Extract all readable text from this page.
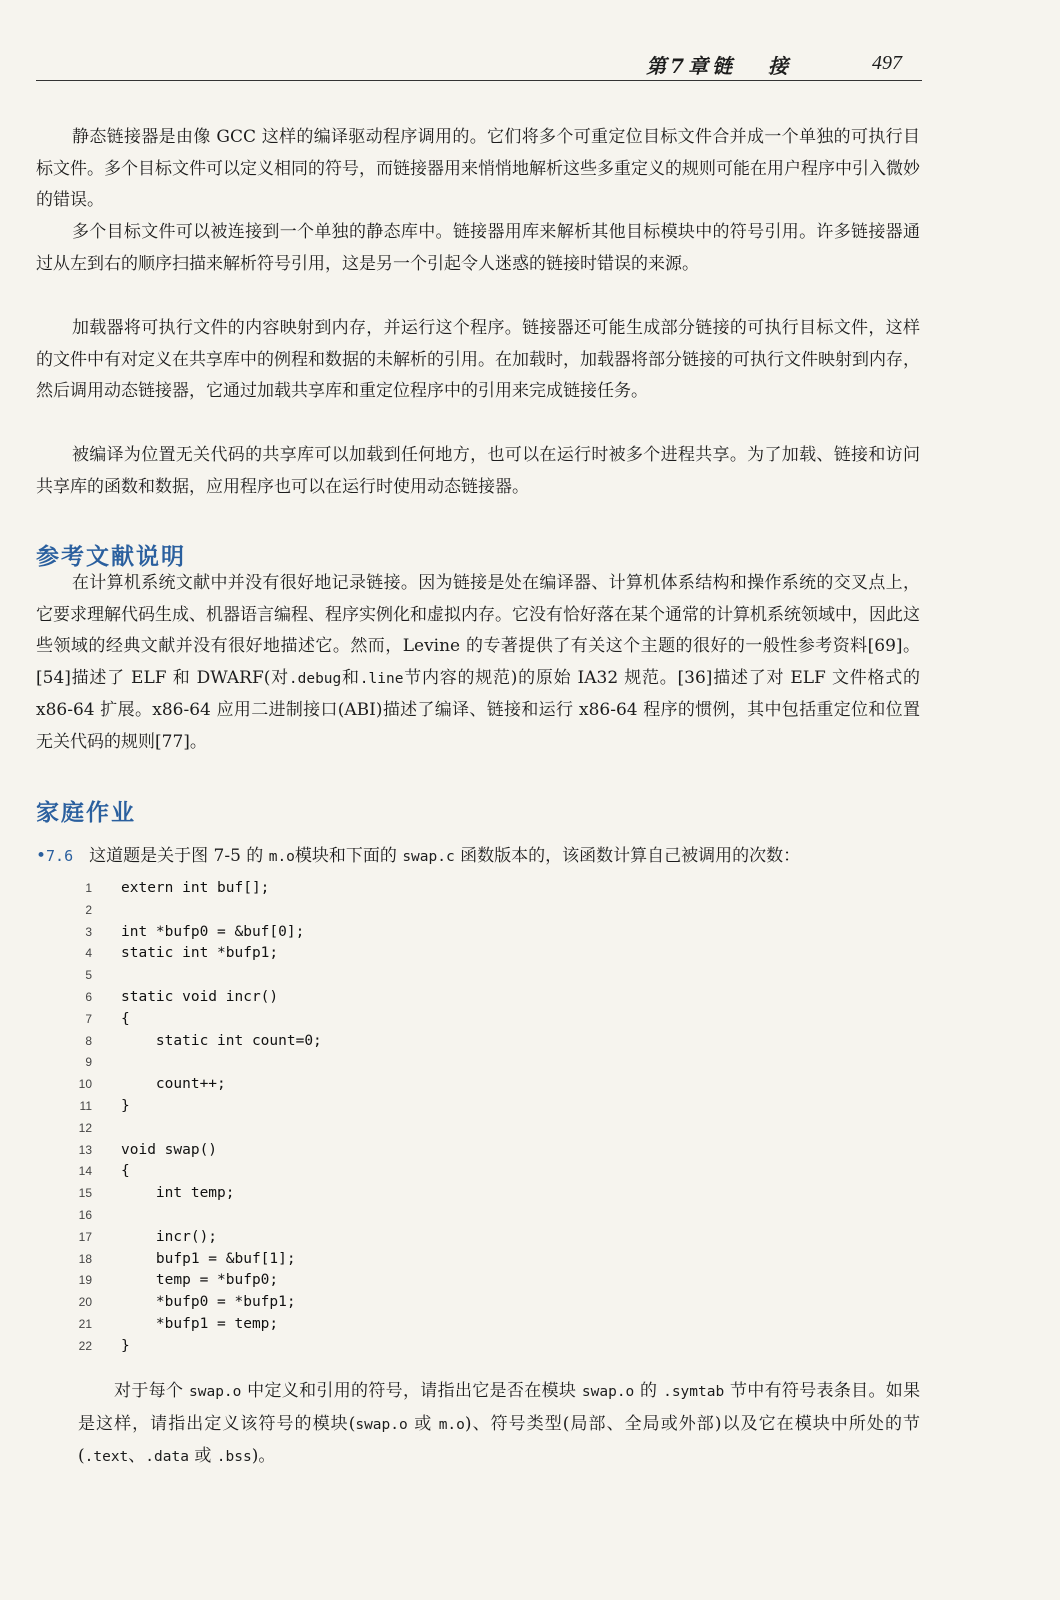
第7章 链接 497

静态链接器是由像 GCC 这样的编译驱动程序调用的。它们将多个可重定位目标文件合并成一个单独的可执行目标文件。多个目标文件可以定义相同的符号，而链接器用来悄悄地解析这些多重定义的规则可能在用户程序中引入微妙的错误。

多个目标文件可以被连接到一个单独的静态库中。链接器用库来解析其他目标模块中的符号引用。许多链接器通过从左到右的顺序扫描来解析符号引用，这是另一个引起令人迷惑的链接时错误的来源。

加载器将可执行文件的内容映射到内存，并运行这个程序。链接器还可能生成部分链接的可执行目标文件，这样的文件中有对定义在共享库中的例程和数据的未解析的引用。在加载时，加载器将部分链接的可执行文件映射到内存，然后调用动态链接器，它通过加载共享库和重定位程序中的引用来完成链接任务。

被编译为位置无关代码的共享库可以加载到任何地方，也可以在运行时被多个进程共享。为了加载、链接和访问共享库的函数和数据，应用程序也可以在运行时使用动态链接器。

参考文献说明

在计算机系统文献中并没有很好地记录链接。因为链接是处在编译器、计算机体系结构和操作系统的交叉点上，它要求理解代码生成、机器语言编程、程序实例化和虚拟内存。它没有恰好落在某个通常的计算机系统领域中，因此这些领域的经典文献并没有很好地描述它。然而，Levine 的专著提供了有关这个主题的很好的一般性参考资料[69]。[54]描述了 ELF 和 DWARF(对.debug和.line节内容的规范)的原始 IA32 规范。[36]描述了对 ELF 文件格式的 x86-64 扩展。x86-64 应用二进制接口(ABI)描述了编译、链接和运行 x86-64 程序的惯例，其中包括重定位和位置无关代码的规则[77]。

家庭作业
•7.6 这道题是关于图 7-5 的 m.o模块和下面的 swap.c 函数版本的，该函数计算自己被调用的次数：
1 extern int buf[];
2
3 int *bufp0 = &buf[0];
4 static int *bufp1;
5
6 static void incr()
7 {
8 static int count=0;
9
10 count++;
11 }
12
13 void swap()
14 {
15 int temp;
16
17 incr();
18 bufp1 = &buf[1];
19 temp = *bufp0;
20 *bufp0 = *bufp1;
21 *bufp1 = temp;
22 }

对于每个 swap.o 中定义和引用的符号，请指出它是否在模块 swap.o 的 .symtab 节中有符号表条目。如果是这样，请指出定义该符号的模块(swap.o 或 m.o)、符号类型(局部、全局或外部)以及它在模块中所处的节(.text、.data 或 .bss)。
